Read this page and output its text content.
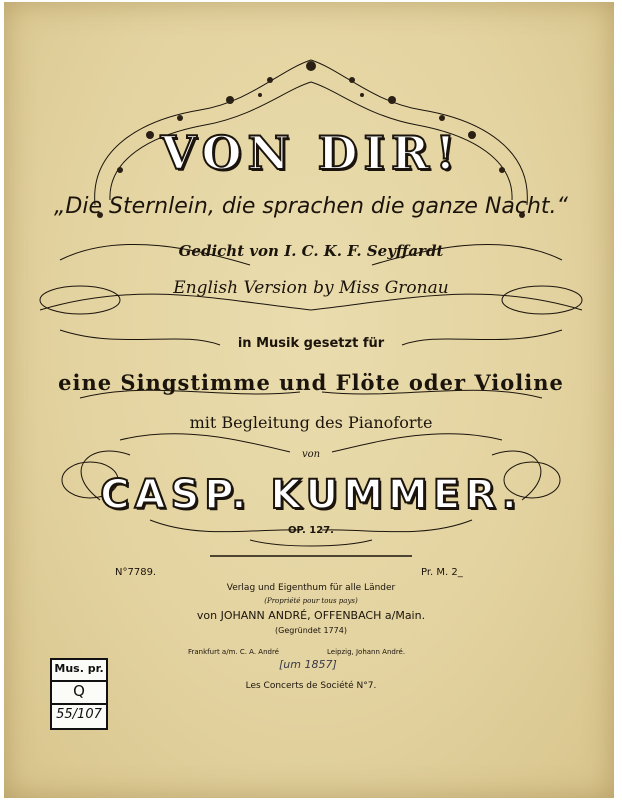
VON DIR!
„Die Sternlein, die sprachen die ganze Nacht.“
Gedicht von I. C. K. F. Seyffardt
English Version by Miss Gronau
in Musik gesetzt für
eine Singstimme und Flöte oder Violine
mit Begleitung des Pianoforte
von
CASP. KUMMER.
OP. 127.
N°7789.	Pr. M. 2_
Verlag und Eigenthum für alle Länder
(Propriété pour tous pays)
von JOHANN ANDRÉ, OFFENBACH a/Main.
(Gegründet 1774)
Frankfurt a/m. C. A. André	Leipzig, Johann André.
[um 1857]
Les Concerts de Société N°7.
Mus. pr.
Q
55/107
